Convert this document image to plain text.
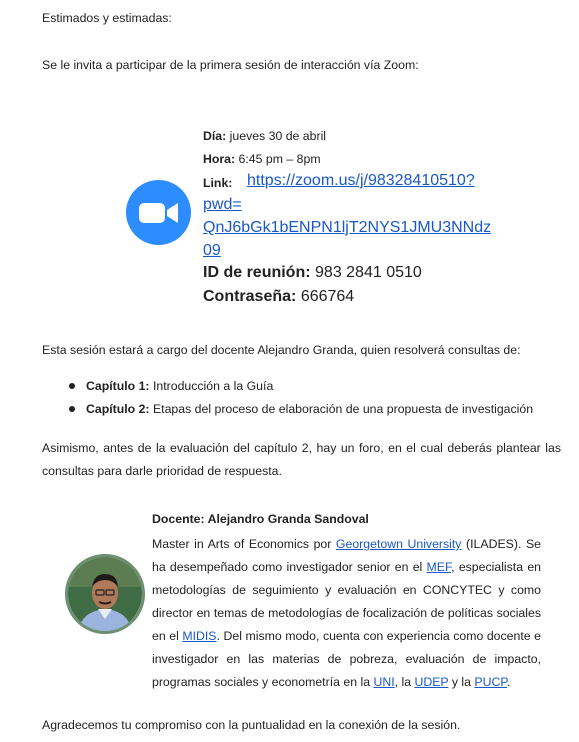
Estimados y estimadas:
Se le invita a participar de la primera sesión de interacción vía Zoom:
Día: jueves 30 de abril
Hora: 6:45 pm – 8pm
Link: https://zoom.us/j/98328410510?
pwd=
QnJ6bGk1bENPN1ljT2NYS1JMU3NNdz
09
ID de reunión: 983 2841 0510
Contraseña: 666764
Esta sesión estará a cargo del docente Alejandro Granda, quien resolverá consultas de:
Capítulo 1: Introducción a la Guía
Capítulo 2: Etapas del proceso de elaboración de una propuesta de investigación
Asimismo, antes de la evaluación del capítulo 2, hay un foro, en el cual deberás plantear las
consultas para darle prioridad de respuesta.
Docente: Alejandro Granda Sandoval
Master in Arts of Economics por Georgetown University (ILADES). Se ha desempeñado como investigador senior en el MEF, especialista en metodologías de seguimiento y evaluación en CONCYTEC y como director en temas de metodologías de focalización de políticas sociales en el MIDIS. Del mismo modo, cuenta con experiencia como docente e investigador en las materias de pobreza, evaluación de impacto, programas sociales y econometría en la UNI, la UDEP y la PUCP.
Agradecemos tu compromiso con la puntualidad en la conexión de la sesión.
